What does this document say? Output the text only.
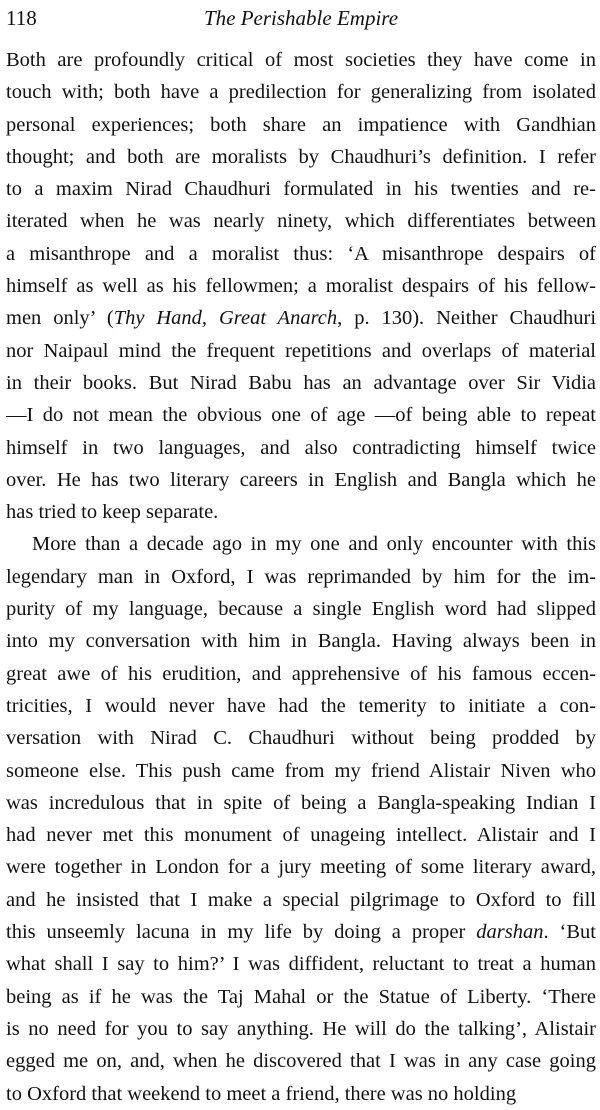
118	The Perishable Empire

Both are profoundly critical of most societies they have come in
touch with; both have a predilection for generalizing from isolated
personal experiences; both share an impatience with Gandhian
thought; and both are moralists by Chaudhuri’s definition. I refer
to a maxim Nirad Chaudhuri formulated in his twenties and re-
iterated when he was nearly ninety, which differentiates between
a misanthrope and a moralist thus: ‘A misanthrope despairs of
himself as well as his fellowmen; a moralist despairs of his fellow-
men only’ (Thy Hand, Great Anarch, p. 130). Neither Chaudhuri
nor Naipaul mind the frequent repetitions and overlaps of material
in their books. But Nirad Babu has an advantage over Sir Vidia
—I do not mean the obvious one of age —of being able to repeat
himself in two languages, and also contradicting himself twice
over. He has two literary careers in English and Bangla which he
has tried to keep separate.

More than a decade ago in my one and only encounter with this
legendary man in Oxford, I was reprimanded by him for the im-
purity of my language, because a single English word had slipped
into my conversation with him in Bangla. Having always been in
great awe of his erudition, and apprehensive of his famous eccen-
tricities, I would never have had the temerity to initiate a con-
versation with Nirad C. Chaudhuri without being prodded by
someone else. This push came from my friend Alistair Niven who
was incredulous that in spite of being a Bangla-speaking Indian I
had never met this monument of unageing intellect. Alistair and I
were together in London for a jury meeting of some literary award,
and he insisted that I make a special pilgrimage to Oxford to fill
this unseemly lacuna in my life by doing a proper darshan. ‘But
what shall I say to him?’ I was diffident, reluctant to treat a human
being as if he was the Taj Mahal or the Statue of Liberty. ‘There
is no need for you to say anything. He will do the talking’, Alistair
egged me on, and, when he discovered that I was in any case going
to Oxford that weekend to meet a friend, there was no holding
